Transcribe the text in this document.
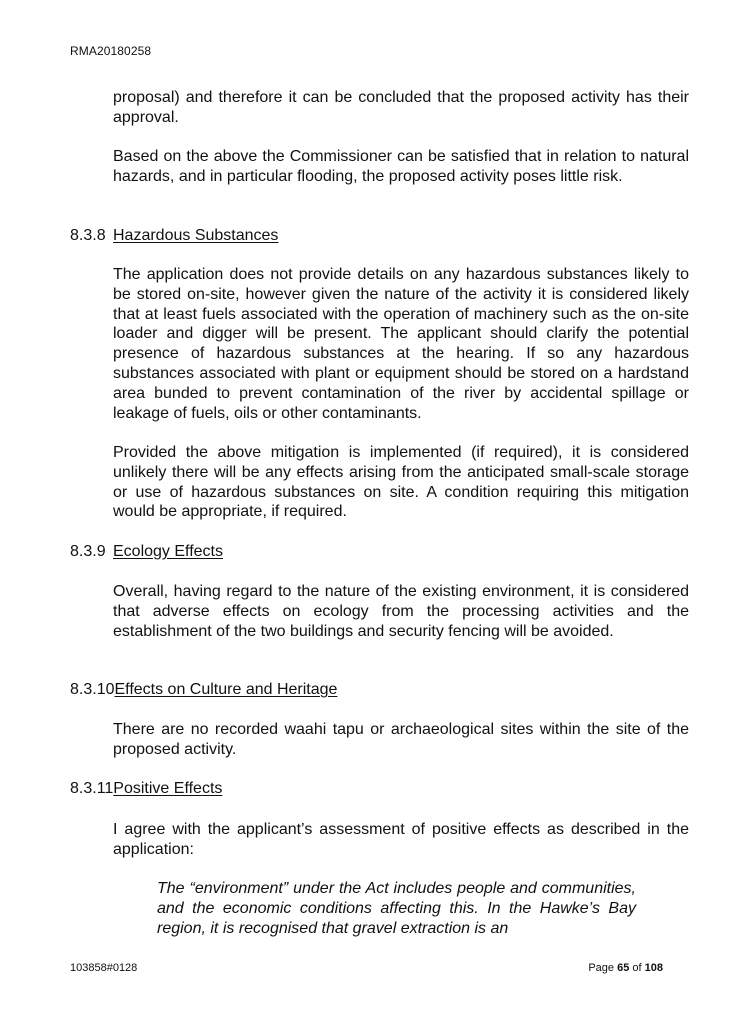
RMA20180258

proposal) and therefore it can be concluded that the proposed activity has their approval.

Based on the above the Commissioner can be satisfied that in relation to natural hazards, and in particular flooding, the proposed activity poses little risk.

8.3.8 Hazardous Substances

The application does not provide details on any hazardous substances likely to be stored on-site, however given the nature of the activity it is considered likely that at least fuels associated with the operation of machinery such as the on-site loader and digger will be present. The applicant should clarify the potential presence of hazardous substances at the hearing. If so any hazardous substances associated with plant or equipment should be stored on a hardstand area bunded to prevent contamination of the river by accidental spillage or leakage of fuels, oils or other contaminants.

Provided the above mitigation is implemented (if required), it is considered unlikely there will be any effects arising from the anticipated small-scale storage or use of hazardous substances on site. A condition requiring this mitigation would be appropriate, if required.

8.3.9 Ecology Effects

Overall, having regard to the nature of the existing environment, it is considered that adverse effects on ecology from the processing activities and the establishment of the two buildings and security fencing will be avoided.

8.3.10Effects on Culture and Heritage

There are no recorded waahi tapu or archaeological sites within the site of the proposed activity.

8.3.11Positive Effects

I agree with the applicant’s assessment of positive effects as described in the application:

The “environment” under the Act includes people and communities, and the economic conditions affecting this. In the Hawke’s Bay region, it is recognised that gravel extraction is an

103858#0128	Page 65 of 108
